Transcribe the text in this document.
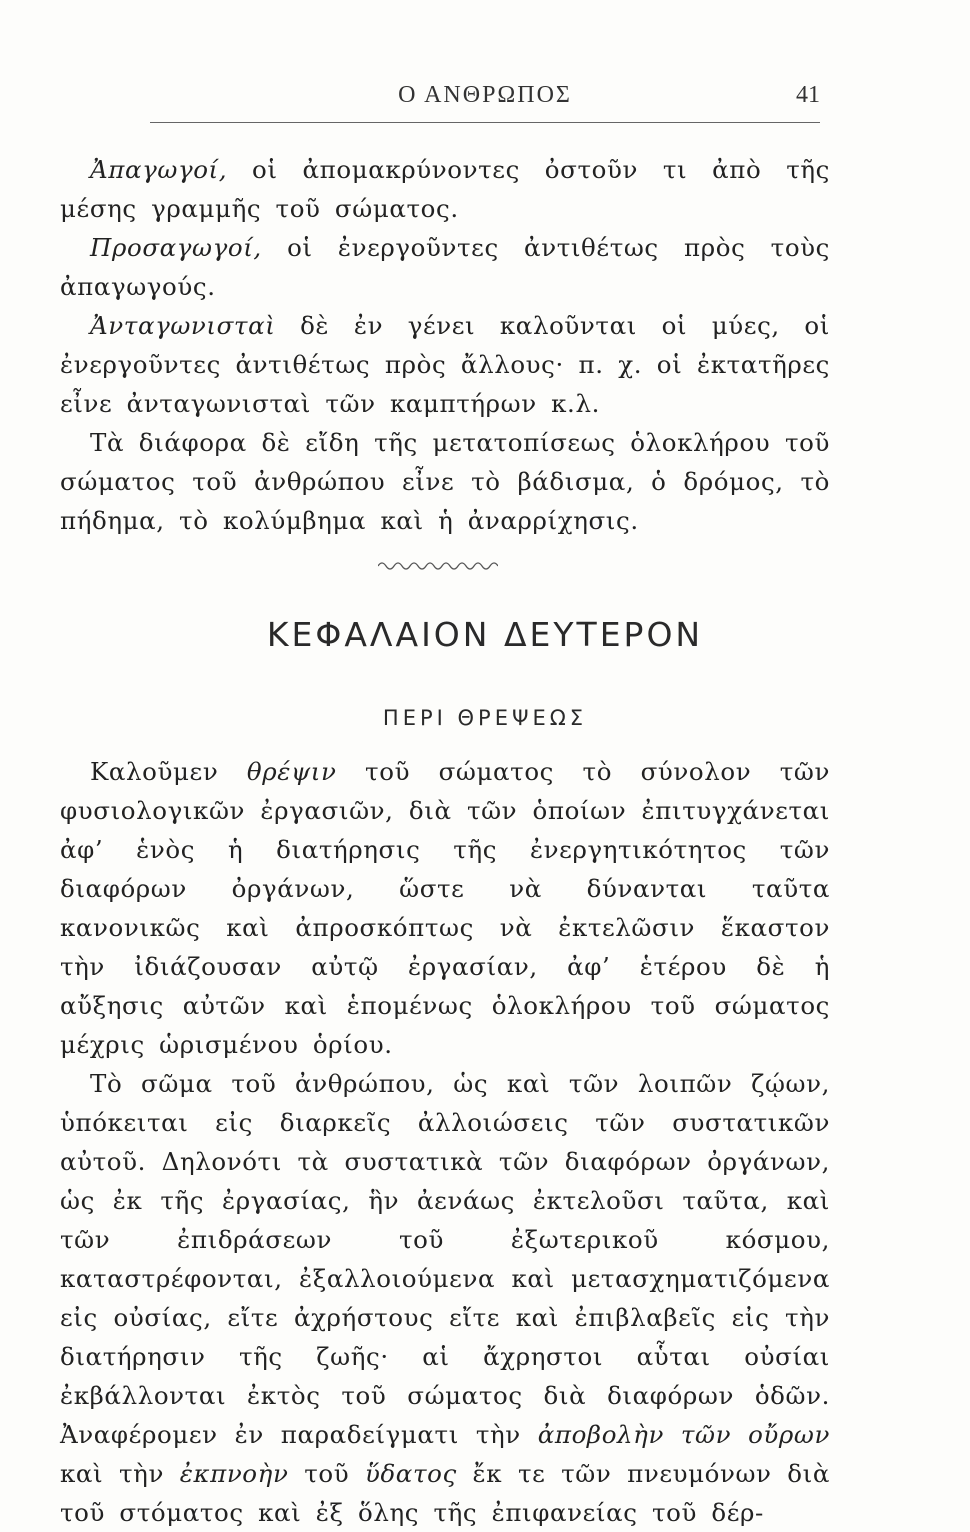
Ο ΑΝΘΡΩΠΟΣ	41

Ἀπαγωγοί, οἱ ἀπομακρύνοντες ὀστοῦν τι ἀπὸ τῆς μέσης γραμμῆς τοῦ σώματος.

Προσαγωγοί, οἱ ἐνεργοῦντες ἀντιθέτως πρὸς τοὺς ἀπαγωγούς.

Ἀνταγωνισταὶ δὲ ἐν γένει καλοῦνται οἱ μύες, οἱ ἐνεργοῦντες ἀντιθέτως πρὸς ἄλλους· π. χ. οἱ ἐκτατῆρες εἶνε ἀνταγωνισταὶ τῶν καμπτήρων κ.λ.

Τὰ διάφορα δὲ εἴδη τῆς μετατοπίσεως ὁλοκλήρου τοῦ σώματος τοῦ ἀνθρώπου εἶνε τὸ βάδισμα, ὁ δρόμος, τὸ πήδημα, τὸ κολύμβημα καὶ ἡ ἀναρρίχησις.

ΚΕΦΑΛΑΙΟΝ ΔΕΥΤΕΡΟΝ
ΠΕΡΙ ΘΡΕΨΕΩΣ

Καλοῦμεν θρέψιν τοῦ σώματος τὸ σύνολον τῶν φυσιολογικῶν ἐργασιῶν, διὰ τῶν ὁποίων ἐπιτυγχάνεται ἀφ’ ἑνὸς ἡ διατήρησις τῆς ἐνεργητικότητος τῶν διαφόρων ὀργάνων, ὥστε νὰ δύνανται ταῦτα κανονικῶς καὶ ἀπροσκόπτως νὰ ἐκτελῶσιν ἕκαστον τὴν ἰδιάζουσαν αὐτῷ ἐργασίαν, ἀφ’ ἑτέρου δὲ ἡ αὔξησις αὐτῶν καὶ ἑπομένως ὁλοκλήρου τοῦ σώματος μέχρις ὡρισμένου ὁρίου.

Τὸ σῶμα τοῦ ἀνθρώπου, ὡς καὶ τῶν λοιπῶν ζῴων, ὑπόκειται εἰς διαρκεῖς ἀλλοιώσεις τῶν συστατικῶν αὐτοῦ. Δηλονότι τὰ συστατικὰ τῶν διαφόρων ὀργάνων, ὡς ἐκ τῆς ἐργασίας, ἣν ἀενάως ἐκτελοῦσι ταῦτα, καὶ τῶν ἐπιδράσεων τοῦ ἐξωτερικοῦ κόσμου, καταστρέφονται, ἐξαλλοιούμενα καὶ μετασχηματιζόμενα εἰς οὐσίας, εἴτε ἀχρήστους εἴτε καὶ ἐπιβλαβεῖς εἰς τὴν διατήρησιν τῆς ζωῆς· αἱ ἄχρηστοι αὗται οὐσίαι ἐκβάλλονται ἐκτὸς τοῦ σώματος διὰ διαφόρων ὁδῶν. Ἀναφέρομεν ἐν παραδείγματι τὴν ἀποβολὴν τῶν οὔρων καὶ τὴν ἐκπνοὴν τοῦ ὕδατος ἔκ τε τῶν πνευμόνων διὰ τοῦ στόματος καὶ ἐξ ὅλης τῆς ἐπιφανείας τοῦ δέρ-
